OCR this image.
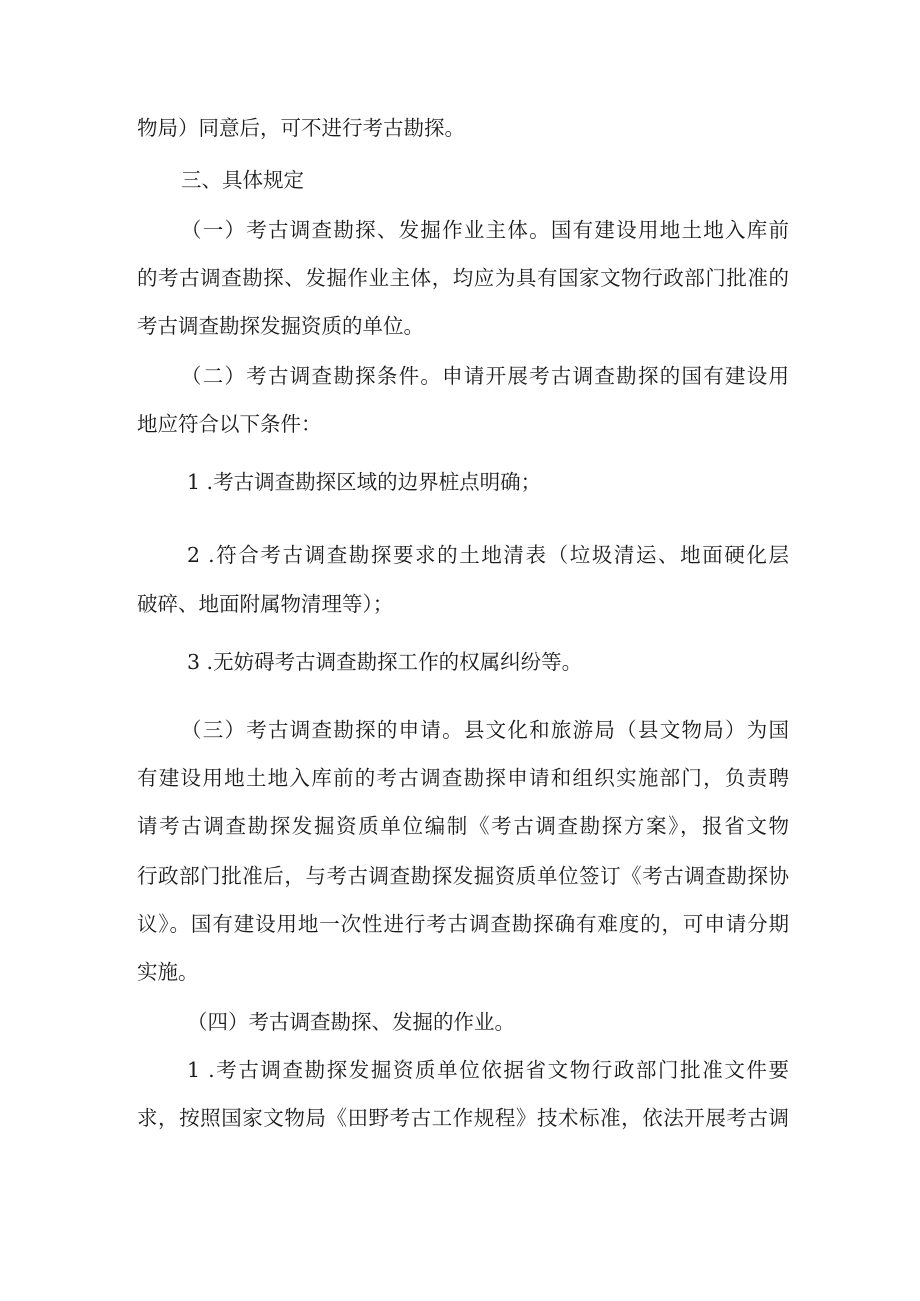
物局）同意后，可不进行考古勘探。
三、具体规定
（一）考古调查勘探、发掘作业主体。国有建设用地土地入库前
的考古调查勘探、发掘作业主体，均应为具有国家文物行政部门批准的
考古调查勘探发掘资质的单位。
（二）考古调查勘探条件。申请开展考古调查勘探的国有建设用
地应符合以下条件：
1 .考古调查勘探区域的边界桩点明确；
2 .符合考古调查勘探要求的土地清表（垃圾清运、地面硬化层
破碎、地面附属物清理等）；
3 .无妨碍考古调查勘探工作的权属纠纷等。
（三）考古调查勘探的申请。县文化和旅游局（县文物局）为国
有建设用地土地入库前的考古调查勘探申请和组织实施部门，负责聘
请考古调查勘探发掘资质单位编制《考古调查勘探方案》，报省文物
行政部门批准后，与考古调查勘探发掘资质单位签订《考古调查勘探协
议》。国有建设用地一次性进行考古调查勘探确有难度的，可申请分期
实施。
（四）考古调查勘探、发掘的作业。
1 .考古调查勘探发掘资质单位依据省文物行政部门批准文件要
求，按照国家文物局《田野考古工作规程》技术标准，依法开展考古调
